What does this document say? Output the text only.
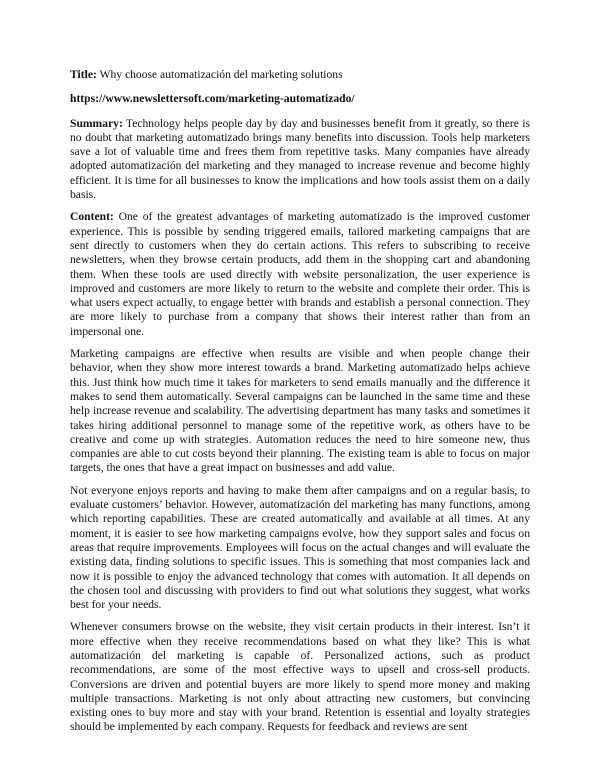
Title: Why choose automatización del marketing solutions
https://www.newslettersoft.com/marketing-automatizado/

Summary: Technology helps people day by day and businesses benefit from it greatly, so there is no doubt that marketing automatizado brings many benefits into discussion. Tools help marketers save a lot of valuable time and frees them from repetitive tasks. Many companies have already adopted automatización del marketing and they managed to increase revenue and become highly efficient. It is time for all businesses to know the implications and how tools assist them on a daily basis.

Content: One of the greatest advantages of marketing automatizado is the improved customer experience. This is possible by sending triggered emails, tailored marketing campaigns that are sent directly to customers when they do certain actions. This refers to subscribing to receive newsletters, when they browse certain products, add them in the shopping cart and abandoning them. When these tools are used directly with website personalization, the user experience is improved and customers are more likely to return to the website and complete their order. This is what users expect actually, to engage better with brands and establish a personal connection. They are more likely to purchase from a company that shows their interest rather than from an impersonal one.

Marketing campaigns are effective when results are visible and when people change their behavior, when they show more interest towards a brand. Marketing automatizado helps achieve this. Just think how much time it takes for marketers to send emails manually and the difference it makes to send them automatically. Several campaigns can be launched in the same time and these help increase revenue and scalability. The advertising department has many tasks and sometimes it takes hiring additional personnel to manage some of the repetitive work, as others have to be creative and come up with strategies. Automation reduces the need to hire someone new, thus companies are able to cut costs beyond their planning. The existing team is able to focus on major targets, the ones that have a great impact on businesses and add value.

Not everyone enjoys reports and having to make them after campaigns and on a regular basis, to evaluate customers’ behavior. However, automatización del marketing has many functions, among which reporting capabilities. These are created automatically and available at all times. At any moment, it is easier to see how marketing campaigns evolve, how they support sales and focus on areas that require improvements. Employees will focus on the actual changes and will evaluate the existing data, finding solutions to specific issues. This is something that most companies lack and now it is possible to enjoy the advanced technology that comes with automation. It all depends on the chosen tool and discussing with providers to find out what solutions they suggest, what works best for your needs.

Whenever consumers browse on the website, they visit certain products in their interest. Isn’t it more effective when they receive recommendations based on what they like? This is what automatización del marketing is capable of. Personalized actions, such as product recommendations, are some of the most effective ways to upsell and cross-sell products. Conversions are driven and potential buyers are more likely to spend more money and making multiple transactions. Marketing is not only about attracting new customers, but convincing existing ones to buy more and stay with your brand. Retention is essential and loyalty strategies should be implemented by each company. Requests for feedback and reviews are sent
